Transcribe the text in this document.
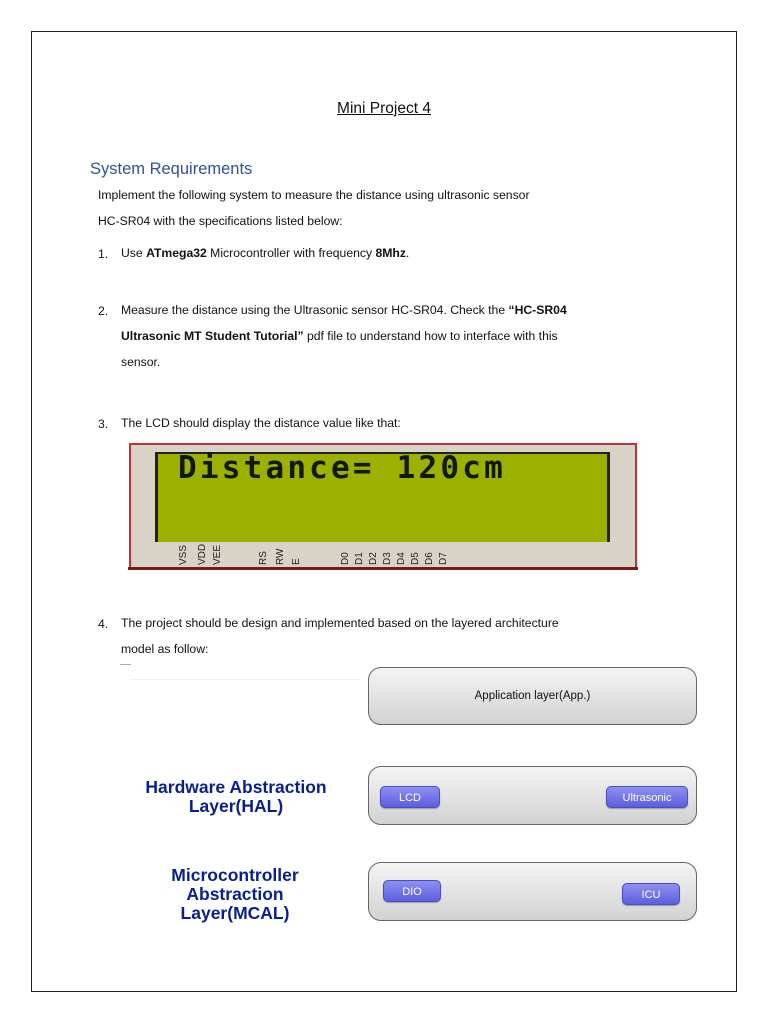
Mini Project 4
System Requirements
Implement the following system to measure the distance using ultrasonic sensor
HC-SR04 with the specifications listed below:
1. Use ATmega32 Microcontroller with frequency 8Mhz.
2. Measure the distance using the Ultrasonic sensor HC-SR04. Check the “HC-SR04
Ultrasonic MT Student Tutorial” pdf file to understand how to interface with this
sensor.
3. The LCD should display the distance value like that:
Distance= 120cm
VSS VDD VEE	RS RW E	D0 D1 D2 D3 D4 D5 D6 D7
4. The project should be design and implemented based on the layered architecture
model as follow:
Application layer(App.)
Hardware Abstraction
Layer(HAL)	LCD	Ultrasonic
Microcontroller
Abstraction
Layer(MCAL)
DIO	ICU
